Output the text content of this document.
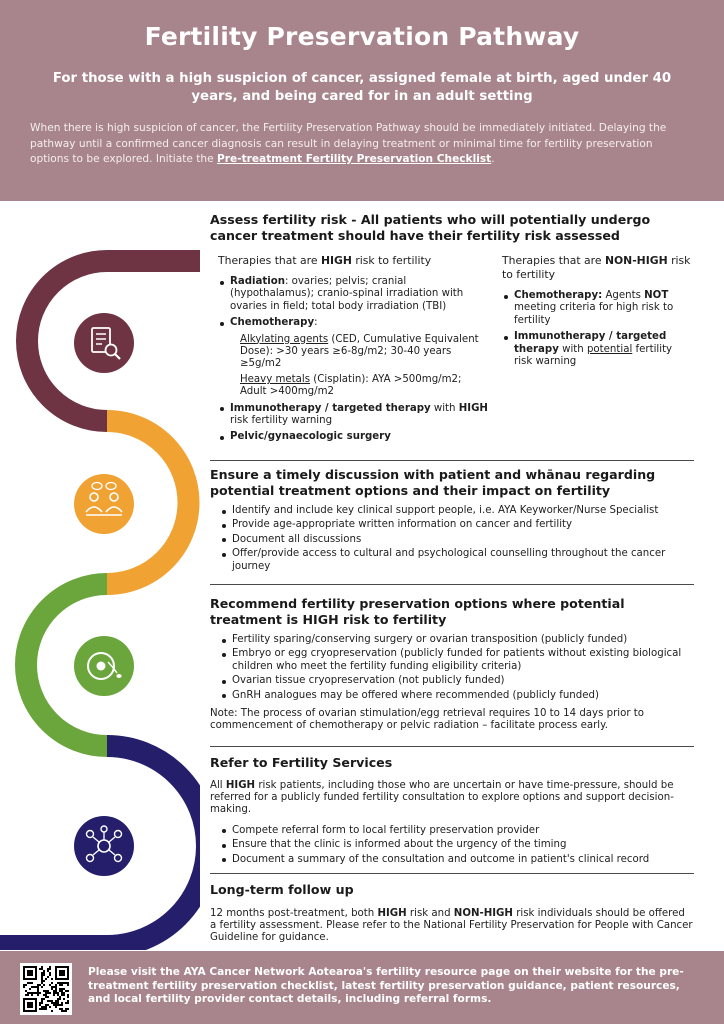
Fertility Preservation Pathway
For those with a high suspicion of cancer, assigned female at birth, aged under 40 years, and being cared for in an adult setting
When there is high suspicion of cancer, the Fertility Preservation Pathway should be immediately initiated. Delaying the pathway until a confirmed cancer diagnosis can result in delaying treatment or minimal time for fertility preservation options to be explored. Initiate the Pre-treatment Fertility Preservation Checklist.
Assess fertility risk - All patients who will potentially undergo cancer treatment should have their fertility risk assessed
Therapies that are HIGH risk to fertility
Radiation: ovaries; pelvis; cranial (hypothalamus); cranio-spinal irradiation with ovaries in field; total body irradiation (TBI)
Chemotherapy:
Alkylating agents (CED, Cumulative Equivalent Dose): >30 years ≥6-8g/m2; 30-40 years ≥5g/m2
Heavy metals (Cisplatin): AYA >500mg/m2; Adult >400mg/m2
Immunotherapy / targeted therapy with HIGH risk fertility warning
Pelvic/gynaecologic surgery
Therapies that are NON-HIGH risk to fertility
Chemotherapy: Agents NOT meeting criteria for high risk to fertility
Immunotherapy / targeted therapy with potential fertility risk warning
Ensure a timely discussion with patient and whānau regarding potential treatment options and their impact on fertility
Identify and include key clinical support people, i.e. AYA Keyworker/Nurse Specialist
Provide age-appropriate written information on cancer and fertility
Document all discussions
Offer/provide access to cultural and psychological counselling throughout the cancer journey
Recommend fertility preservation options where potential treatment is HIGH risk to fertility
Fertility sparing/conserving surgery or ovarian transposition (publicly funded)
Embryo or egg cryopreservation (publicly funded for patients without existing biological children who meet the fertility funding eligibility criteria)
Ovarian tissue cryopreservation (not publicly funded)
GnRH analogues may be offered where recommended (publicly funded)
Note: The process of ovarian stimulation/egg retrieval requires 10 to 14 days prior to commencement of chemotherapy or pelvic radiation – facilitate process early.
Refer to Fertility Services
All HIGH risk patients, including those who are uncertain or have time-pressure, should be referred for a publicly funded fertility consultation to explore options and support decision-making.
Compete referral form to local fertility preservation provider
Ensure that the clinic is informed about the urgency of the timing
Document a summary of the consultation and outcome in patient's clinical record
Long-term follow up
12 months post-treatment, both HIGH risk and NON-HIGH risk individuals should be offered a fertility assessment. Please refer to the National Fertility Preservation for People with Cancer Guideline for guidance.
Please visit the AYA Cancer Network Aotearoa's fertility resource page on their website for the pre-treatment fertility preservation checklist, latest fertility preservation guidance, patient resources, and local fertility provider contact details, including referral forms.
